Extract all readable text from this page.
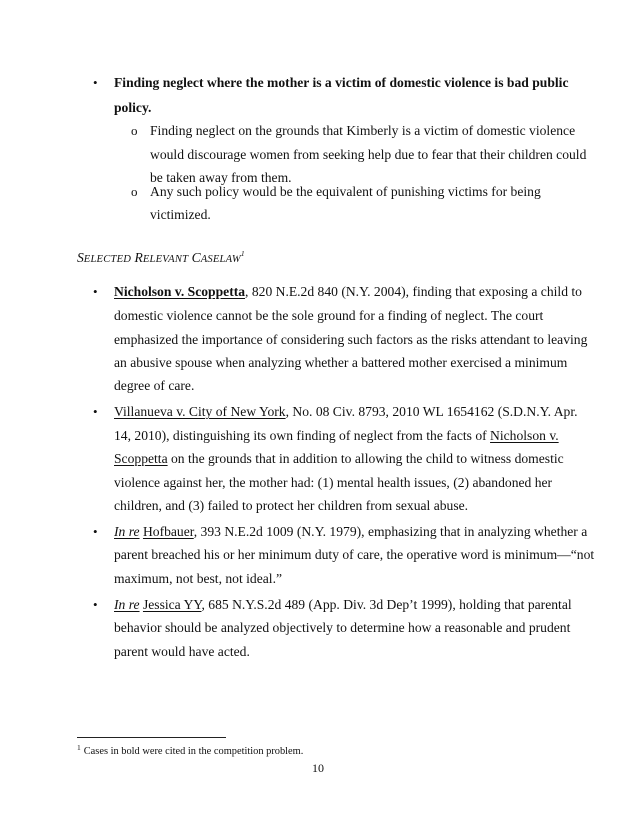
• Finding neglect where the mother is a victim of domestic violence is bad public
policy.
o Finding neglect on the grounds that Kimberly is a victim of domestic violence
would discourage women from seeking help due to fear that their children could
be taken away from them.
o Any such policy would be the equivalent of punishing victims for being
victimized.
SELECTED RELEVANT CASELAW$^1$
• Nicholson v. Scoppetta, 820 N.E.2d 840 (N.Y. 2004), finding that exposing a child to
domestic violence cannot be the sole ground for a finding of neglect. The court
emphasized the importance of considering such factors as the risks attendant to leaving
an abusive spouse when analyzing whether a battered mother exercised a minimum
degree of care.
• Villanueva v. City of New York, No. 08 Civ. 8793, 2010 WL 1654162 (S.D.N.Y. Apr.
14, 2010), distinguishing its own finding of neglect from the facts of Nicholson v.
Scoppetta on the grounds that in addition to allowing the child to witness domestic
violence against her, the mother had: (1) mental health issues, (2) abandoned her
children, and (3) failed to protect her children from sexual abuse.
• In re Hofbauer, 393 N.E.2d 1009 (N.Y. 1979), emphasizing that in analyzing whether a
parent breached his or her minimum duty of care, the operative word is minimum—“not
maximum, not best, not ideal.”
• In re Jessica YY, 685 N.Y.S.2d 489 (App. Div. 3d Dep’t 1999), holding that parental
behavior should be analyzed objectively to determine how a reasonable and prudent
parent would have acted.
$^1$ Cases in bold were cited in the competition problem.
10
